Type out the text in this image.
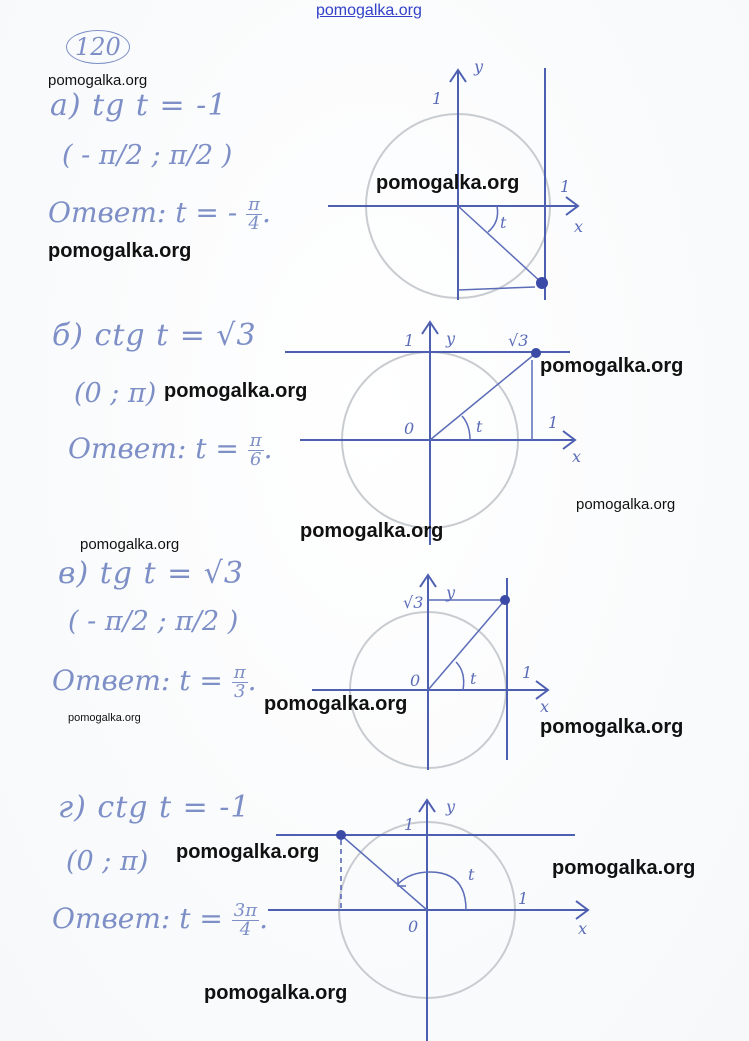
y
x
1
1
t
y
x
1
1
t
0
√3
y
x
1
t
0
√3
y
x
1
1
t
0
120
а) tg t = -1
( - π/2 ; π/2 )
Ответ: t = - $\frac{\pi}{4}$ .
б) ctg t = √3
(0 ; π)
Ответ: $t = \frac{\pi}{6}$ .
в) tg t = √3
( - π/2 ; π/2 )
Ответ: $t = \frac{\pi}{3}$ .
г) ctg t = -1
(0 ; π)
Ответ: $t = \frac{3\pi}{4}$ .
pomogalka.org
pomogalka.org
pomogalka.org
pomogalka.org
pomogalka.org
pomogalka.org
pomogalka.org
pomogalka.org
pomogalka.org
pomogalka.org
pomogalka.org	pomogalka.org
pomogalka.org
pomogalka.org
pomogalka.org
